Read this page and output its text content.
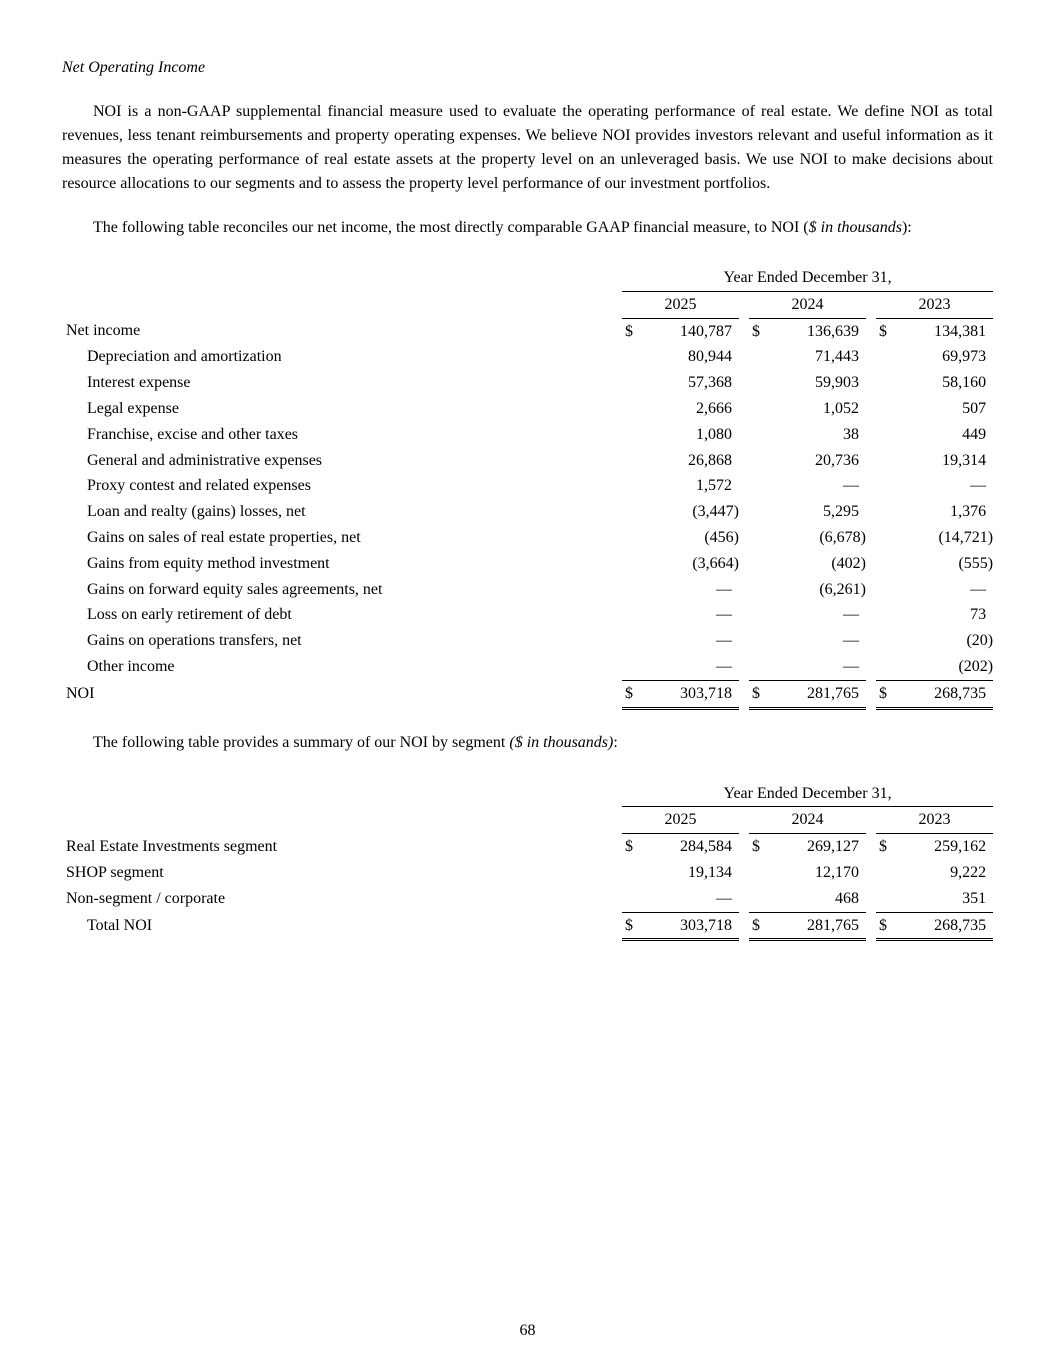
Net Operating Income

NOI is a non-GAAP supplemental financial measure used to evaluate the operating performance of real estate. We define NOI as total revenues, less tenant reimbursements and property operating expenses. We believe NOI provides investors relevant and useful information as it measures the operating performance of real estate assets at the property level on an unleveraged basis. We use NOI to make decisions about resource allocations to our segments and to assess the property level performance of our investment portfolios.

The following table reconciles our net income, the most directly comparable GAAP financial measure, to NOI ($ in thousands):

		Year Ended December 31,							
		2025			2024			2023	
Net income		$	140,787		$	136,639		$	134,381
Depreciation and amortization			80,944			71,443			69,973
Interest expense			57,368			59,903			58,160
Legal expense			2,666			1,052			507
Franchise, excise and other taxes			1,080			38			449
General and administrative expenses			26,868			20,736			19,314
Proxy contest and related expenses			1,572			—			—
Loan and realty (gains) losses, net			(3,447)			5,295			1,376
Gains on sales of real estate properties, net			(456)			(6,678)			(14,721)
Gains from equity method investment			(3,664)			(402)			(555)
Gains on forward equity sales agreements, net			—			(6,261)			—
Loss on early retirement of debt			—			—			73
Gains on operations transfers, net			—			—			(20)
Other income			—			—			(202)
NOI		$	303,718		$	281,765		$	268,735

The following table provides a summary of our NOI by segment ($ in thousands):

		Year Ended December 31,							
		2025			2024			2023	
Real Estate Investments segment		$	284,584		$	269,127		$	259,162
SHOP segment			19,134			12,170			9,222
Non-segment / corporate			—			468			351
Total NOI		$	303,718		$	281,765		$	268,735
68
